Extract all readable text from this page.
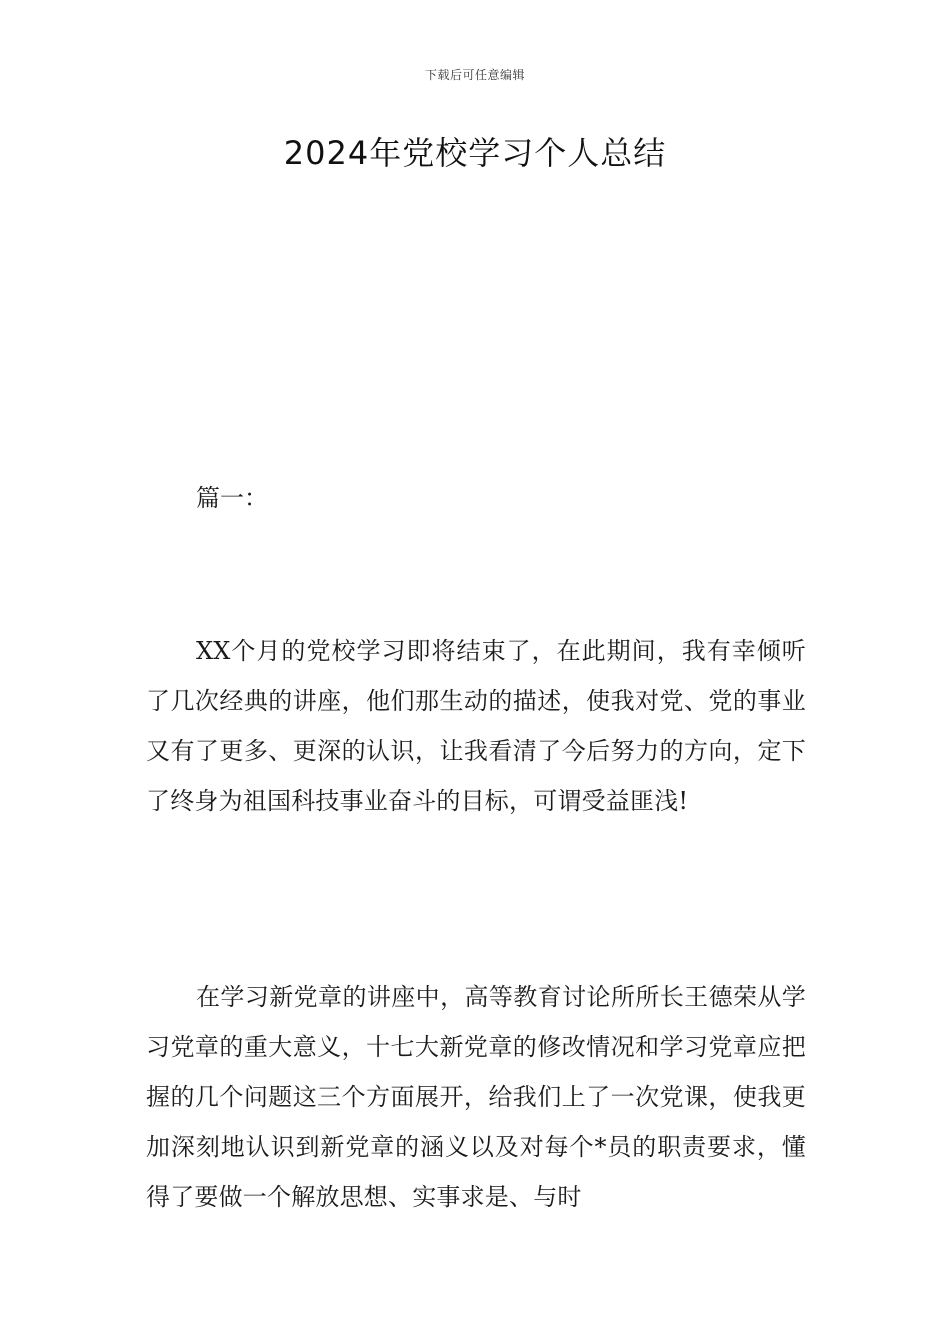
下载后可任意编辑
2024年党校学习个人总结
篇一：

XX个月的党校学习即将结束了，在此期间，我有幸倾听了几次经典的讲座，他们那生动的描述，使我对党、党的事业又有了更多、更深的认识，让我看清了今后努力的方向，定下了终身为祖国科技事业奋斗的目标，可谓受益匪浅!

在学习新党章的讲座中，高等教育讨论所所长王德荣从学习党章的重大意义，十七大新党章的修改情况和学习党章应把握的几个问题这三个方面展开，给我们上了一次党课，使我更加深刻地认识到新党章的涵义以及对每个*员的职责要求，懂得了要做一个解放思想、实事求是、与时
